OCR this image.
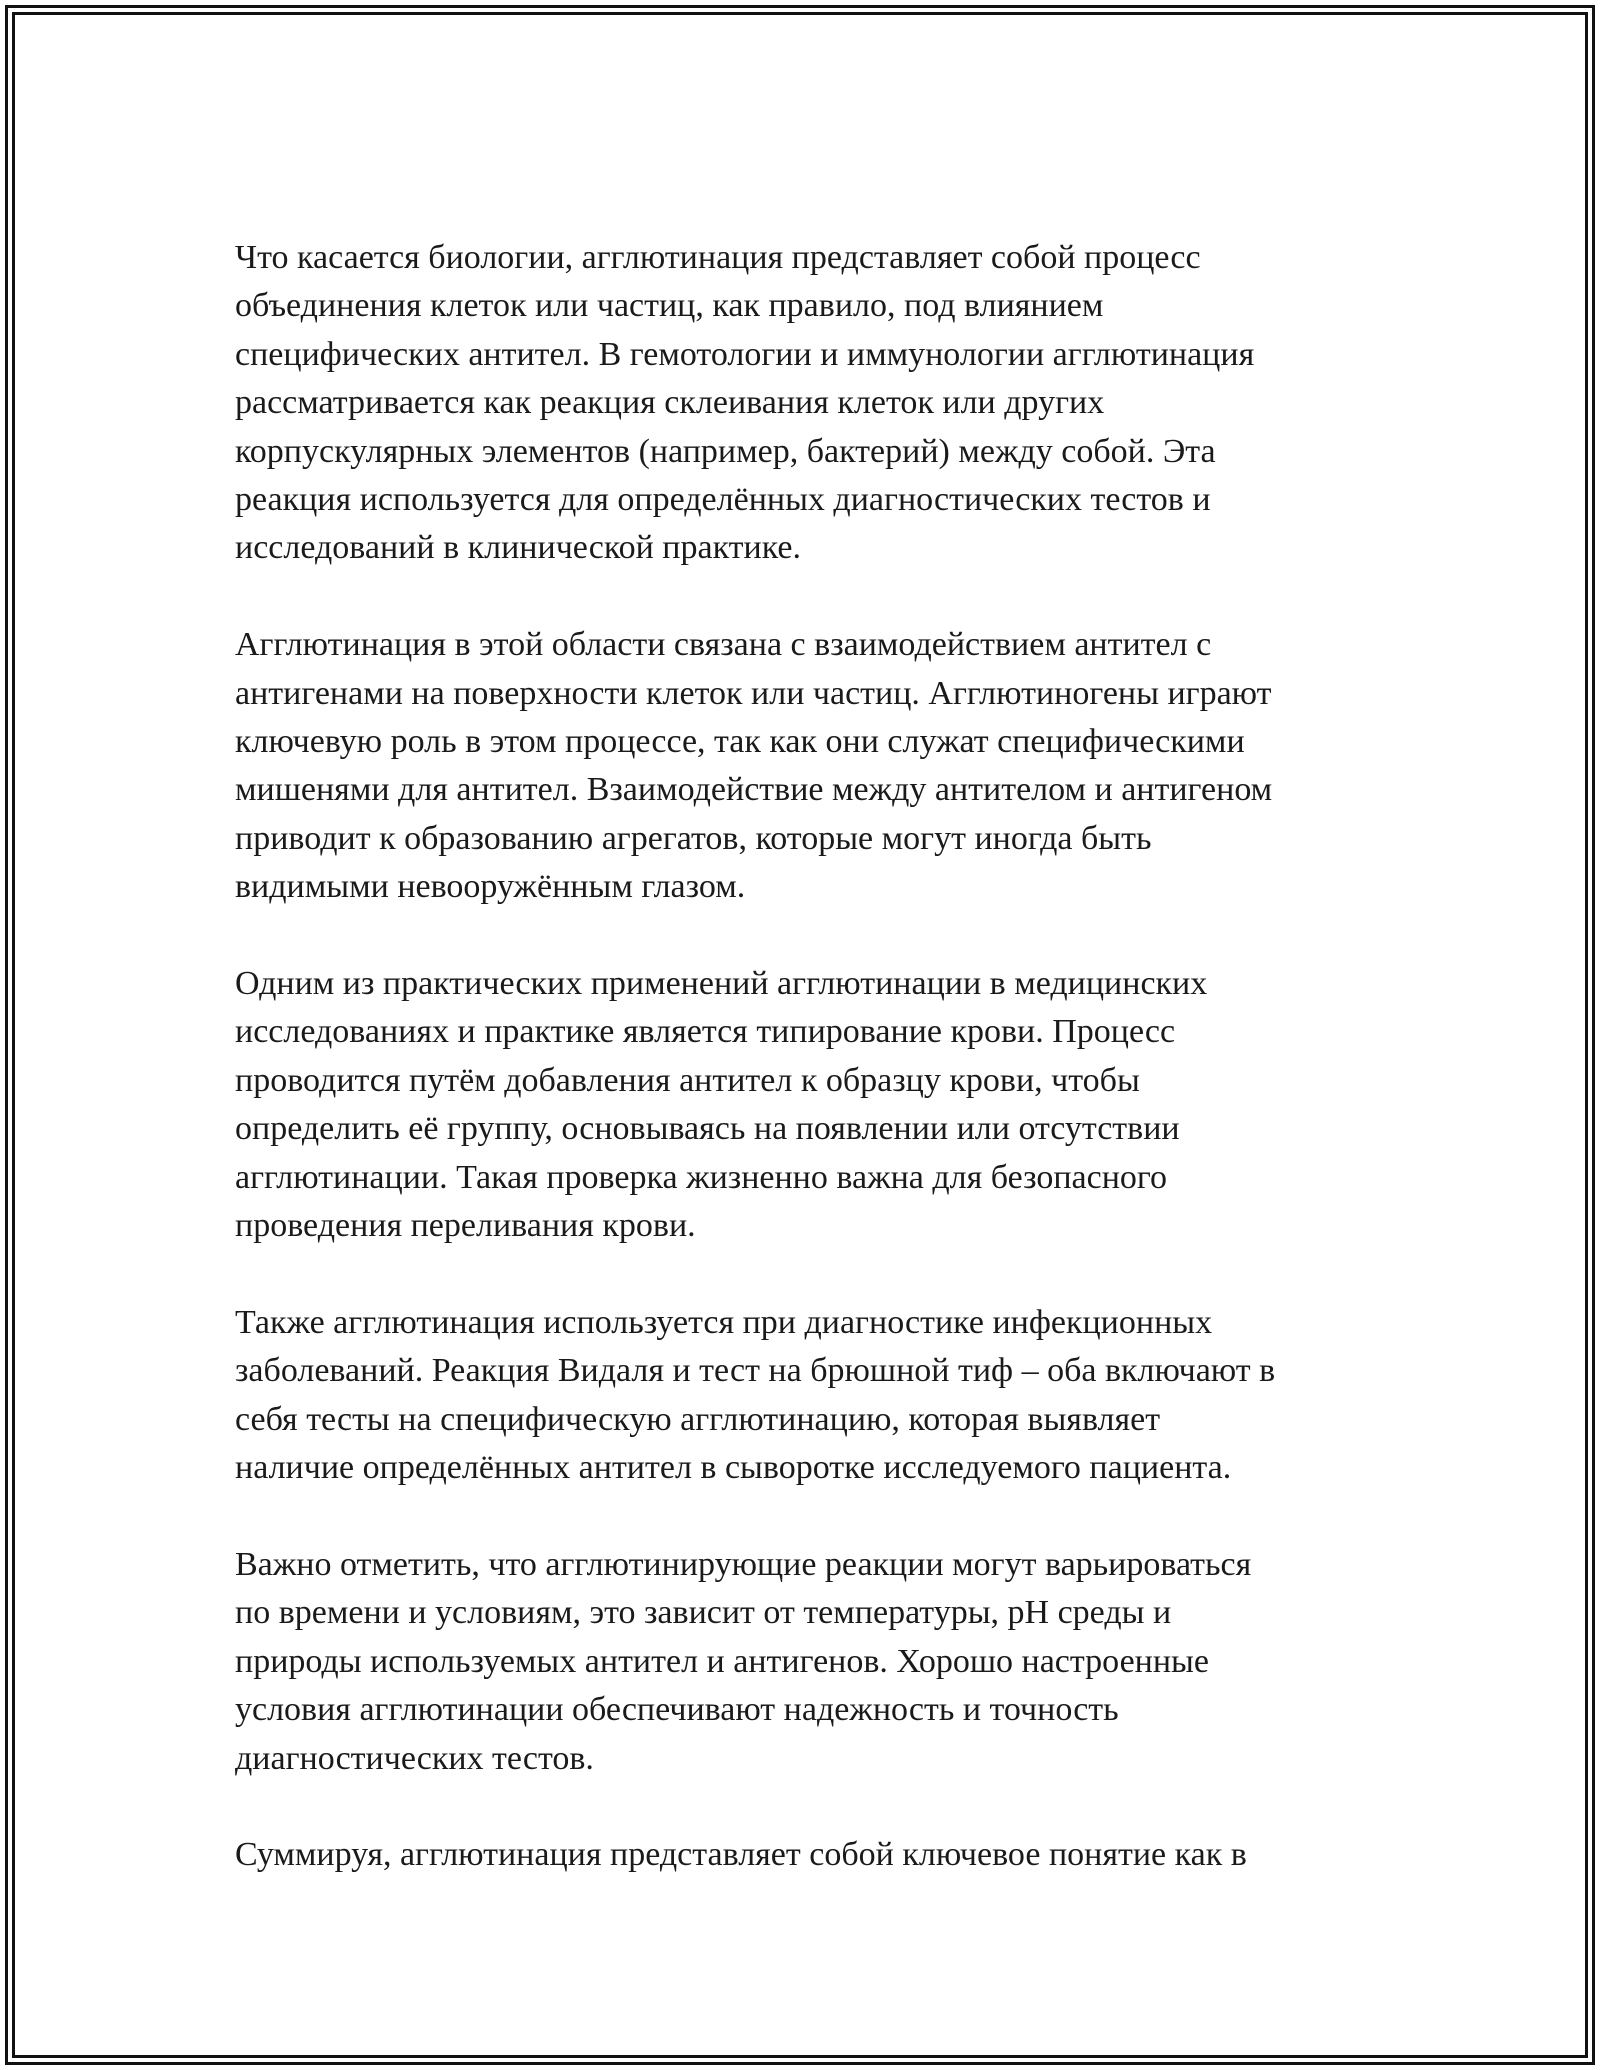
Что касается биологии, агглютинация представляет собой процесс
объединения клеток или частиц, как правило, под влиянием
специфических антител. В гемотологии и иммунологии агглютинация
рассматривается как реакция склеивания клеток или других
корпускулярных элементов (например, бактерий) между собой. Эта
реакция используется для определённых диагностических тестов и
исследований в клинической практике.

Агглютинация в этой области связана с взаимодействием антител с
антигенами на поверхности клеток или частиц. Агглютиногены играют
ключевую роль в этом процессе, так как они служат специфическими
мишенями для антител. Взаимодействие между антителом и антигеном
приводит к образованию агрегатов, которые могут иногда быть
видимыми невооружённым глазом.

Одним из практических применений агглютинации в медицинских
исследованиях и практике является типирование крови. Процесс
проводится путём добавления антител к образцу крови, чтобы
определить её группу, основываясь на появлении или отсутствии
агглютинации. Такая проверка жизненно важна для безопасного
проведения переливания крови.

Также агглютинация используется при диагностике инфекционных
заболеваний. Реакция Видаля и тест на брюшной тиф – оба включают в
себя тесты на специфическую агглютинацию, которая выявляет
наличие определённых антител в сыворотке исследуемого пациента.

Важно отметить, что агглютинирующие реакции могут варьироваться
по времени и условиям, это зависит от температуры, pH среды и
природы используемых антител и антигенов. Хорошо настроенные
условия агглютинации обеспечивают надежность и точность
диагностических тестов.

Суммируя, агглютинация представляет собой ключевое понятие как в
